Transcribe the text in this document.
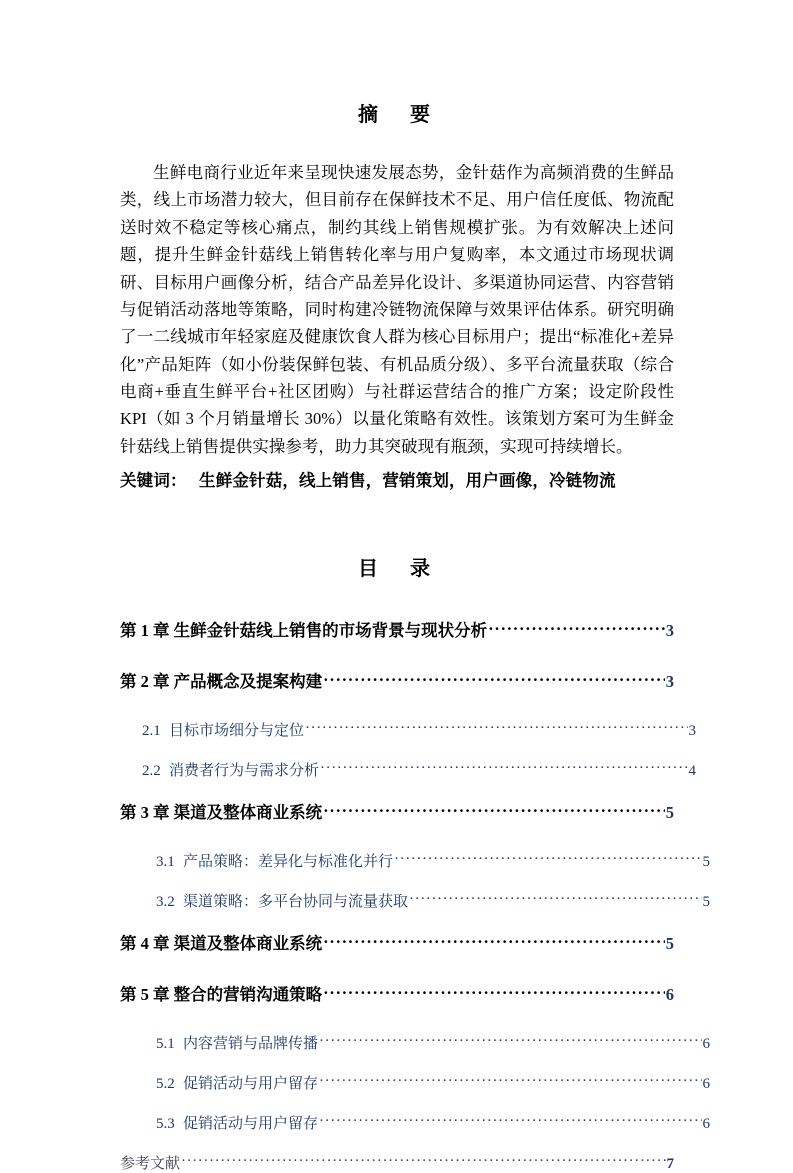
摘　要

生鲜电商行业近年来呈现快速发展态势，金针菇作为高频消费的生鲜品类，线上市场潜力较大，但目前存在保鲜技术不足、用户信任度低、物流配送时效不稳定等核心痛点，制约其线上销售规模扩张。为有效解决上述问题，提升生鲜金针菇线上销售转化率与用户复购率，本文通过市场现状调研、目标用户画像分析，结合产品差异化设计、多渠道协同运营、内容营销与促销活动落地等策略，同时构建冷链物流保障与效果评估体系。研究明确了一二线城市年轻家庭及健康饮食人群为核心目标用户；提出“标准化+差异化”产品矩阵（如小份装保鲜包装、有机品质分级）、多平台流量获取（综合电商+垂直生鲜平台+社区团购）与社群运营结合的推广方案；设定阶段性 KPI（如 3 个月销量增长 30%）以量化策略有效性。该策划方案可为生鲜金针菇线上销售提供实操参考，助力其突破现有瓶颈，实现可持续增长。

关键词： 生鲜金针菇，线上销售，营销策划，用户画像，冷链物流

目　录
第 1 章 生鲜金针菇线上销售的市场背景与现状分析 ·····	3
第 2 章 产品概念及提案构建 ·····	3
2.1 目标市场细分与定位 ·····	3
2.2 消费者行为与需求分析 ·····	4
第 3 章 渠道及整体商业系统 ·····	5
3.1 产品策略：差异化与标准化并行 ·····	5
3.2 渠道策略：多平台协同与流量获取 ·····	5
第 4 章 渠道及整体商业系统 ·····	5
第 5 章 整合的营销沟通策略 ·····	6
5.1 内容营销与品牌传播 ·····	6
5.2 促销活动与用户留存 ·····	6
5.3 促销活动与用户留存 ·····	6
参考文献 ·····	7
